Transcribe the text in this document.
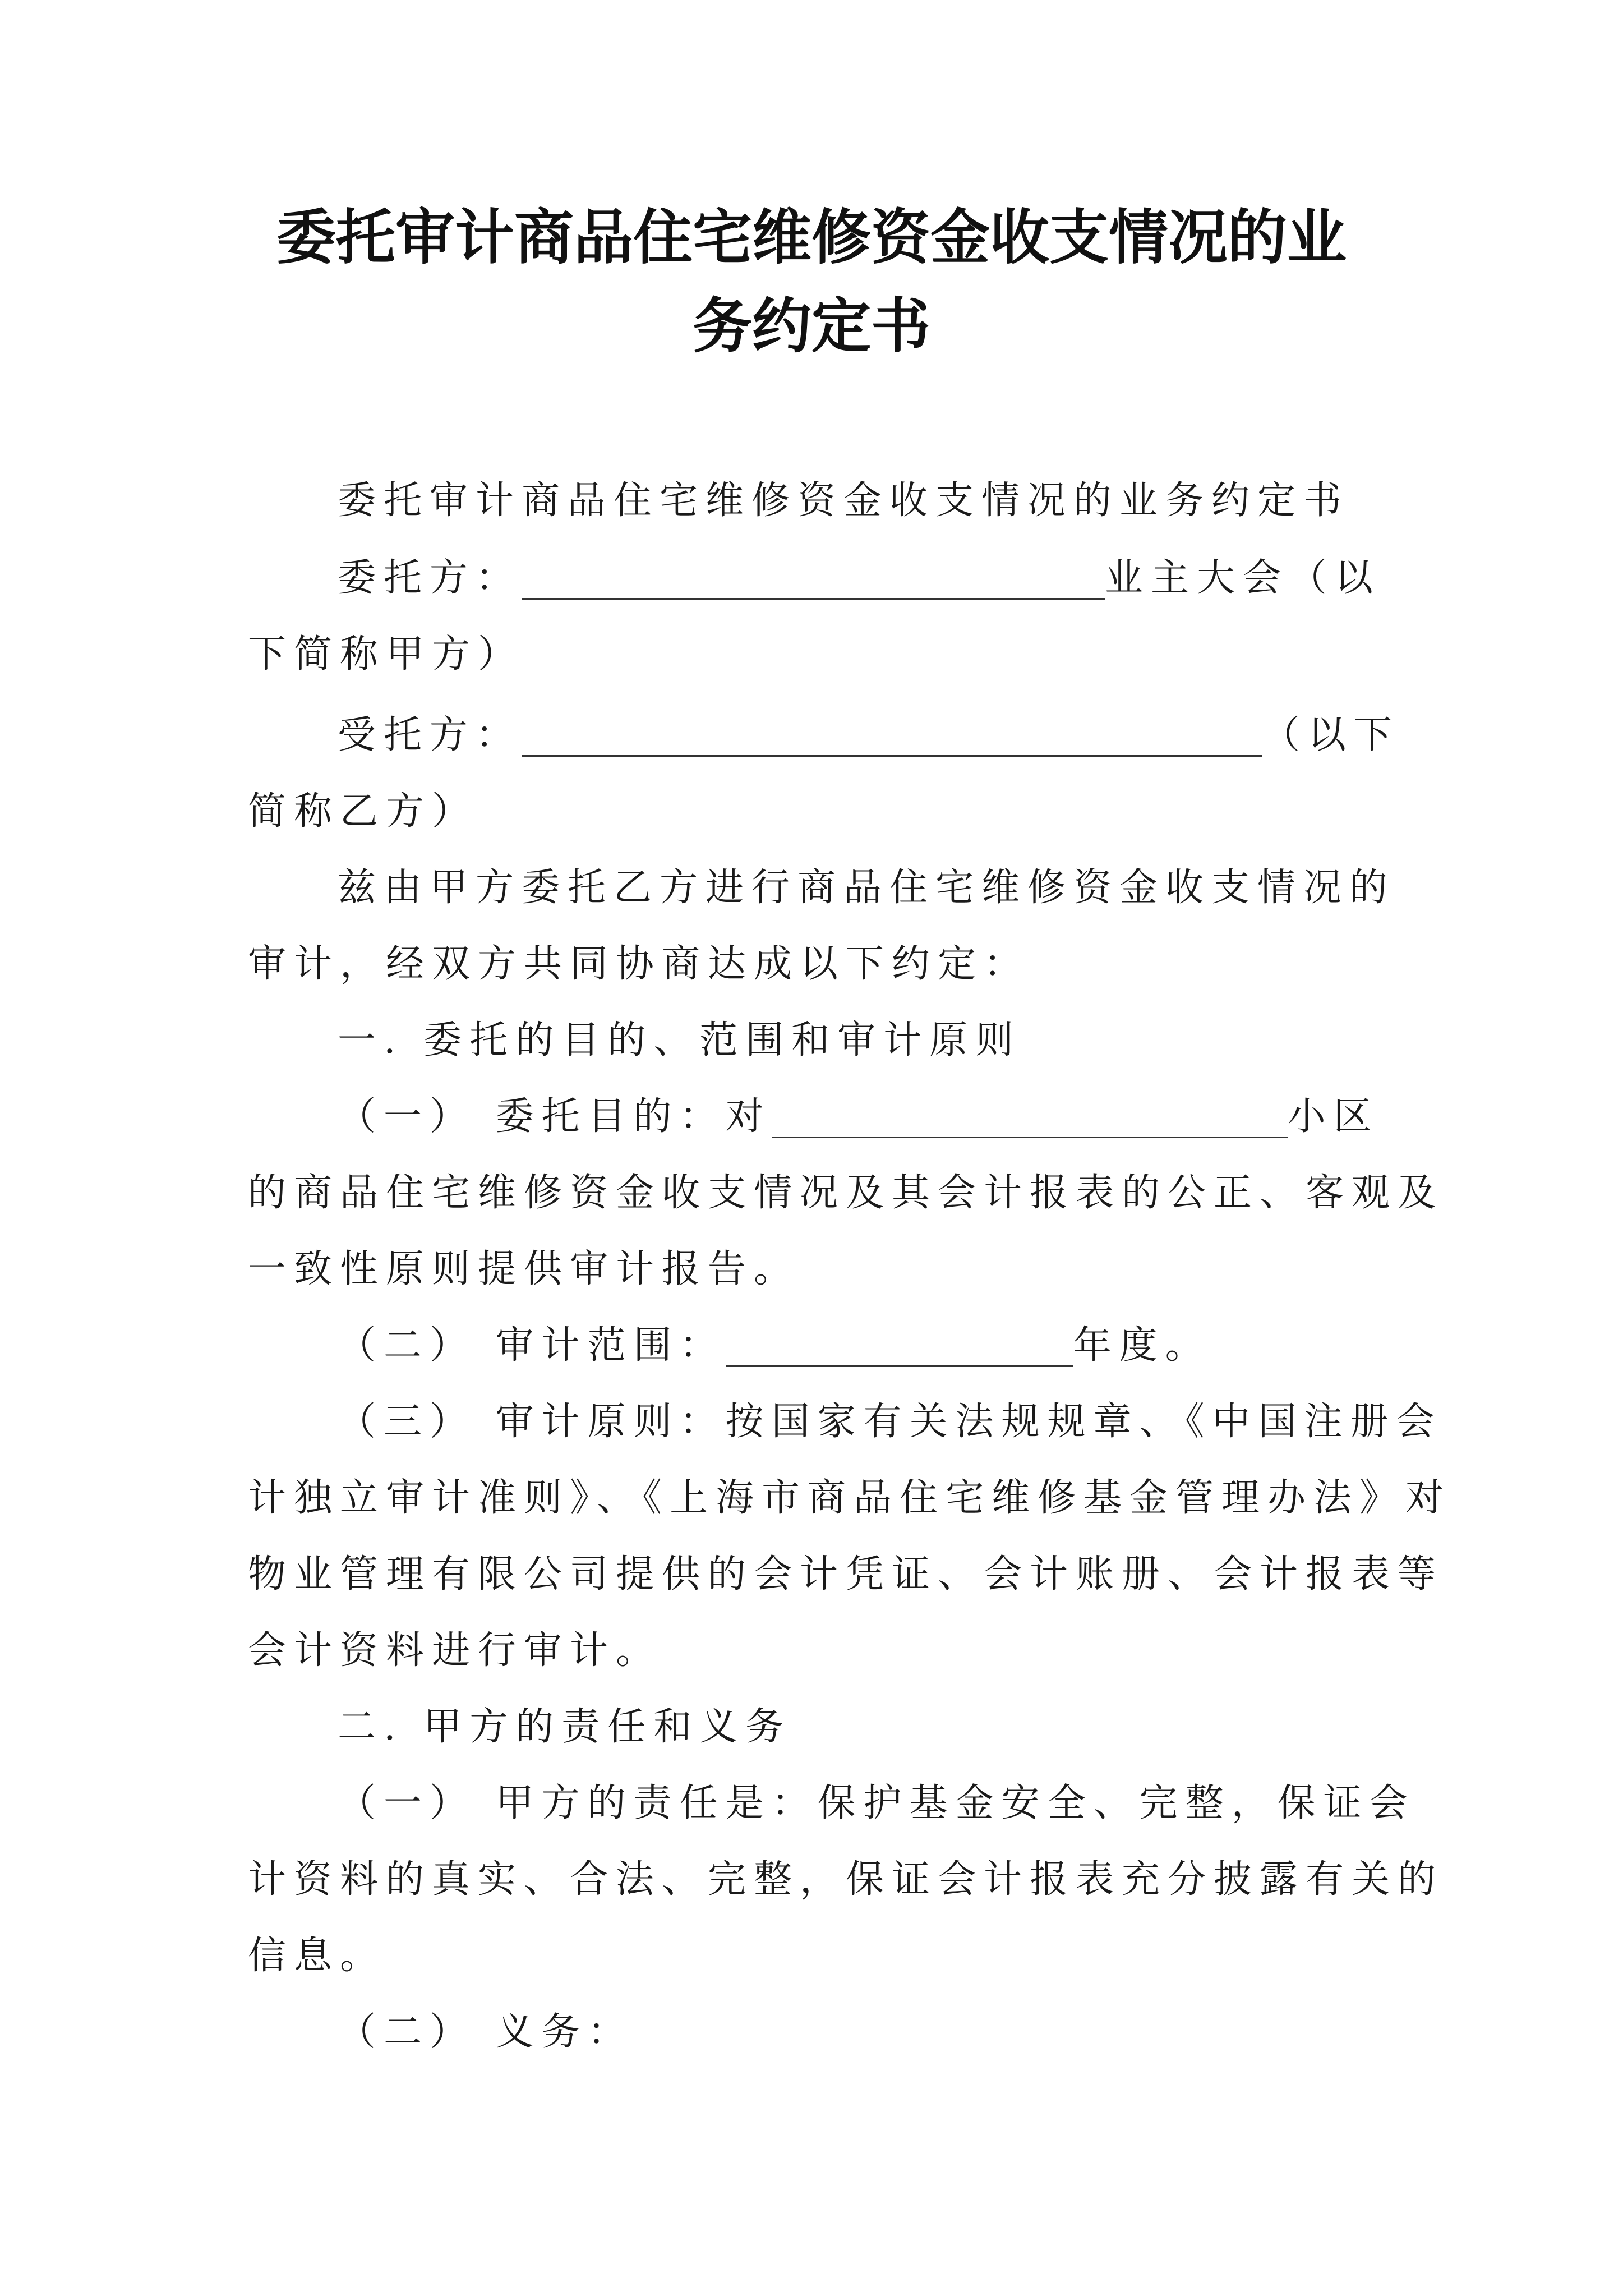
委托审计商品住宅维修资金收支情况的业
务约定书
委托审计商品住宅维修资金收支情况的业务约定书
委托方：	业主大会（以
下简称甲方）
受托方：	（以下
简称乙方）
兹由甲方委托乙方进行商品住宅维修资金收支情况的
审计，经双方共同协商达成以下约定：
一. 委托的目的、范围和审计原则
（一） 委托目的：对	小区
的商品住宅维修资金收支情况及其会计报表的公正、客观及
一致性原则提供审计报告。
（二） 审计范围：	年度。
（三） 审计原则：按国家有关法规规章、《中国注册会
计独立审计准则》、《上海市商品住宅维修基金管理办法》对
物业管理有限公司提供的会计凭证、会计账册、会计报表等
会计资料进行审计。
二. 甲方的责任和义务
（一） 甲方的责任是：保护基金安全、完整，保证会
计资料的真实、合法、完整，保证会计报表充分披露有关的
信息。
（二） 义务：
